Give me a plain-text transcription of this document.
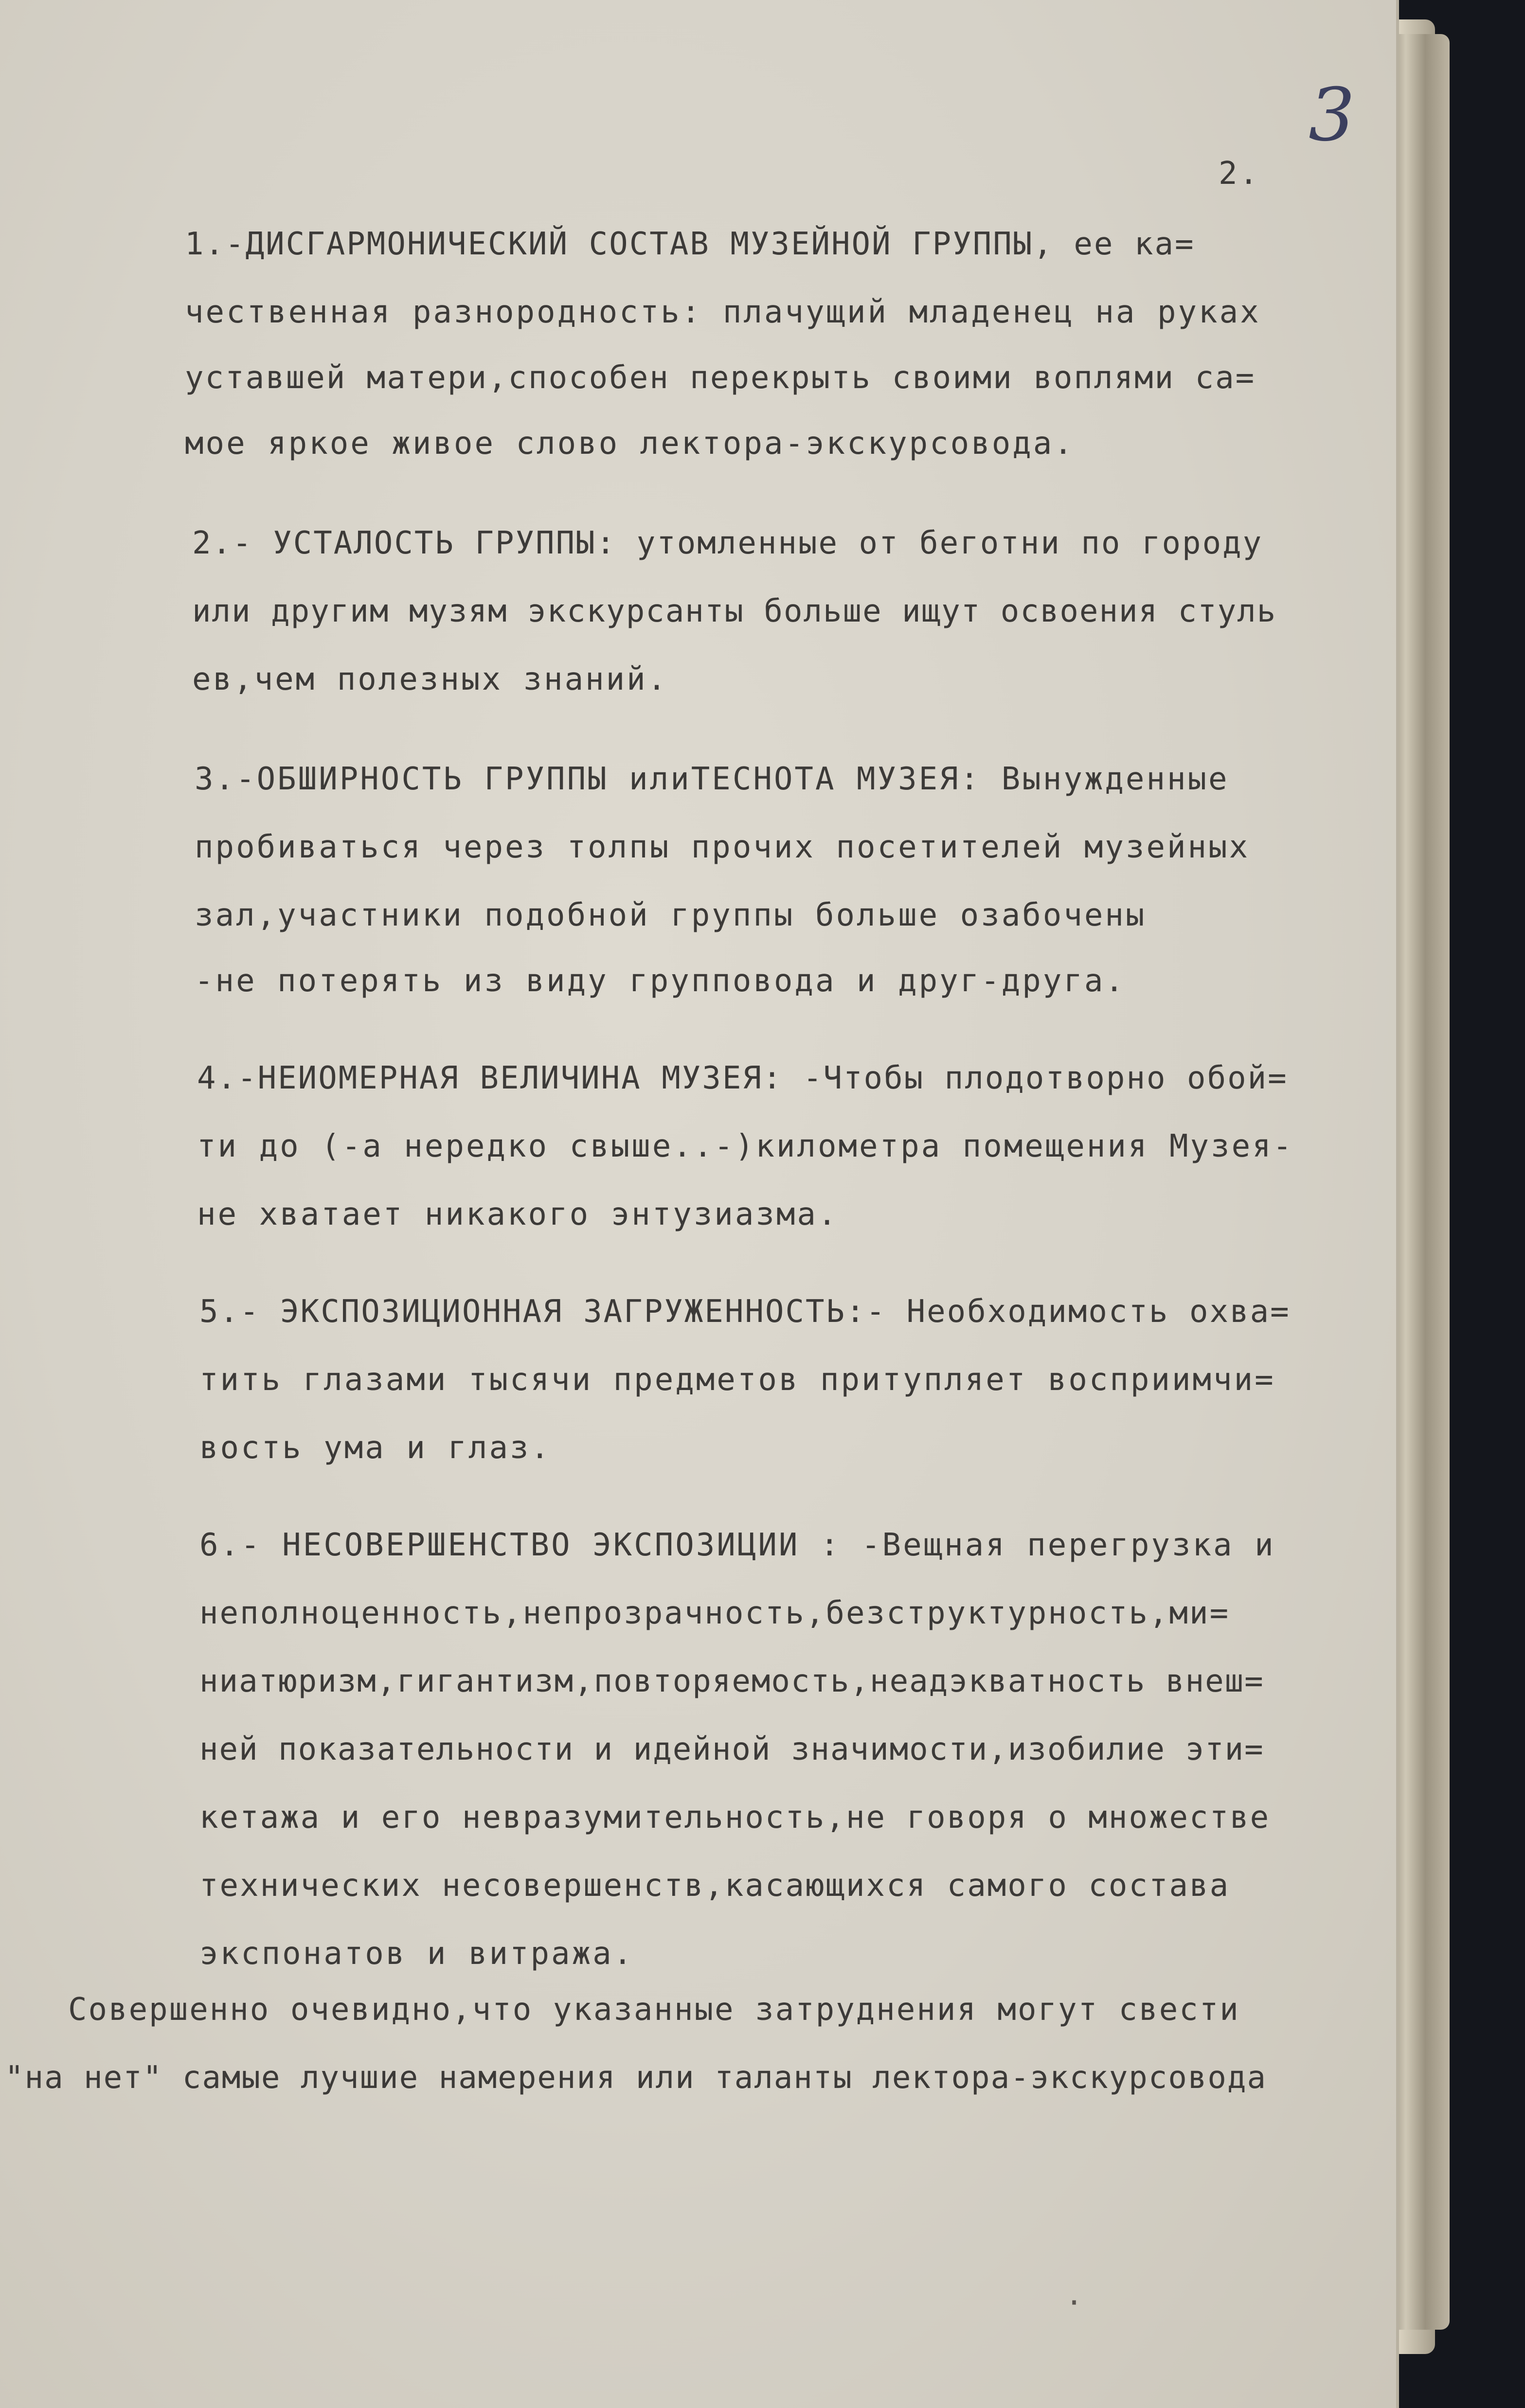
3
2.
1.-ДИСГАРМОНИЧЕСКИЙ СОСТАВ МУЗЕЙНОЙ ГРУППЫ, ее ка=
чественная разнородность: плачущий младенец на руках
уставшей матери,способен перекрыть своими воплями са=
мое яркое живое слово лектора-экскурсовода.
2.- УСТАЛОСТЬ ГРУППЫ: утомленные от беготни по городу
или другим музям экскурсанты больше ищут освоения стуль
ев,чем полезных знаний.
3.-ОБШИРНОСТЬ ГРУППЫ илиТЕСНОТА МУЗЕЯ: Вынужденные
пробиваться через толпы прочих посетителей музейных
зал,участники подобной группы больше озабочены
-не потерять из виду групповода и друг-друга.
4.-НЕИОМЕРНАЯ ВЕЛИЧИНА МУЗЕЯ: -Чтобы плодотворно обой=
ти до (-а нередко свыше..-)километра помещения Музея-
не хватает никакого энтузиазма.
5.- ЭКСПОЗИЦИОННАЯ ЗАГРУЖЕННОСТЬ:- Необходимость охва=
тить глазами тысячи предметов притупляет восприимчи=
вость ума и глаз.
6.- НЕСОВЕРШЕНСТВО ЭКСПОЗИЦИИ : -Вещная перегрузка и
неполноценность,непрозрачность,безструктурность,ми=
ниатюризм,гигантизм,повторяемость,неадэкватность внеш=
ней показательности и идейной значимости,изобилие эти=
кетажа и его невразумительность,не говоря о множестве
технических несовершенств,касающихся самого состава
экспонатов и витража.
Совершенно очевидно,что указанные затруднения могут свести
"на нет" самые лучшие намерения или таланты лектора-экскурсовода
·
